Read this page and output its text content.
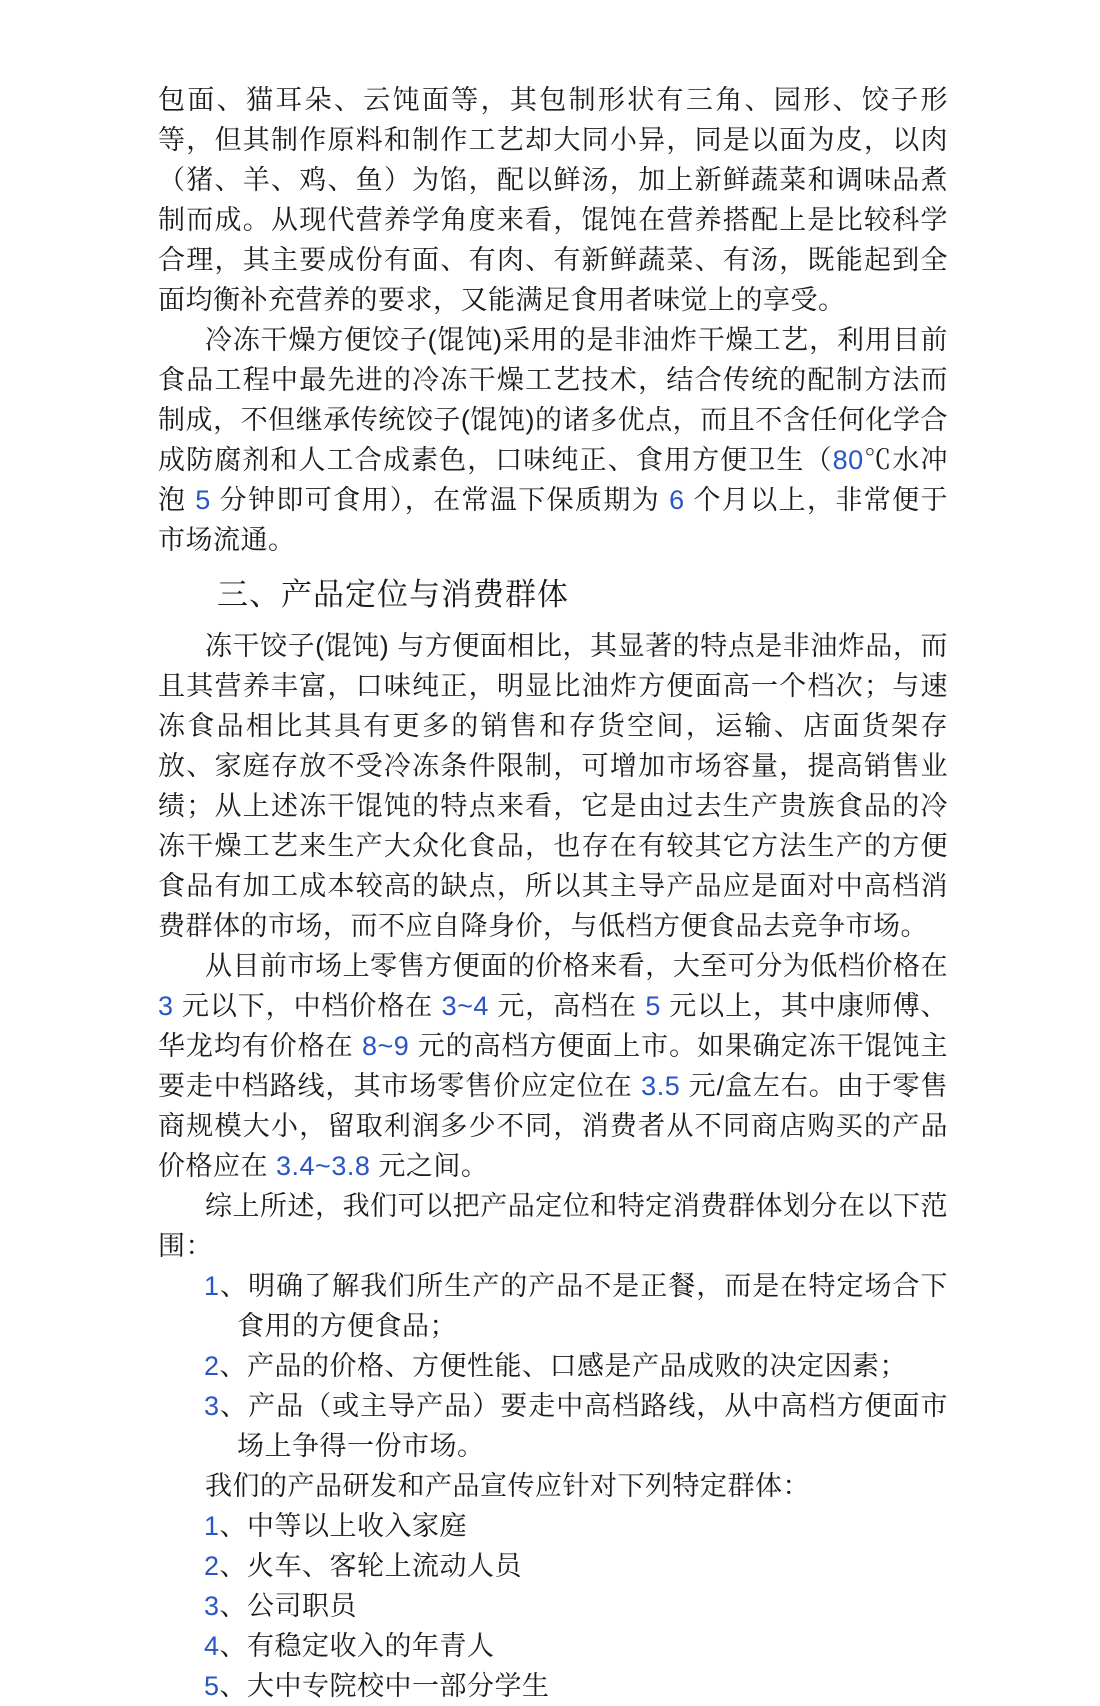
包面、猫耳朵、云饨面等，其包制形状有三角、园形、饺子形等，但其制作原料和制作工艺却大同小异，同是以面为皮，以肉（猪、羊、鸡、鱼）为馅，配以鲜汤，加上新鲜蔬菜和调味品煮制而成。从现代营养学角度来看，馄饨在营养搭配上是比较科学合理，其主要成份有面、有肉、有新鲜蔬菜、有汤，既能起到全面均衡补充营养的要求，又能满足食用者味觉上的享受。

冷冻干燥方便饺子(馄饨)采用的是非油炸干燥工艺，利用目前食品工程中最先进的冷冻干燥工艺技术，结合传统的配制方法而制成，不但继承传统饺子(馄饨)的诸多优点，而且不含任何化学合成防腐剂和人工合成素色，口味纯正、食用方便卫生（80℃水冲泡 5 分钟即可食用），在常温下保质期为 6 个月以上，非常便于市场流通。

三、产品定位与消费群体

冻干饺子(馄饨) 与方便面相比，其显著的特点是非油炸品，而且其营养丰富，口味纯正，明显比油炸方便面高一个档次；与速冻食品相比其具有更多的销售和存货空间，运输、店面货架存放、家庭存放不受冷冻条件限制，可增加市场容量，提高销售业绩；从上述冻干馄饨的特点来看，它是由过去生产贵族食品的冷冻干燥工艺来生产大众化食品，也存在有较其它方法生产的方便食品有加工成本较高的缺点，所以其主导产品应是面对中高档消费群体的市场，而不应自降身价，与低档方便食品去竞争市场。

从目前市场上零售方便面的价格来看，大至可分为低档价格在 3 元以下，中档价格在 3~4 元，高档在 5 元以上，其中康师傅、华龙均有价格在 8~9 元的高档方便面上市。如果确定冻干馄饨主要走中档路线，其市场零售价应定位在 3.5 元/盒左右。由于零售商规模大小，留取利润多少不同，消费者从不同商店购买的产品价格应在 3.4~3.8 元之间。

综上所述，我们可以把产品定位和特定消费群体划分在以下范围：

1、明确了解我们所生产的产品不是正餐，而是在特定场合下食用的方便食品；
2、产品的价格、方便性能、口感是产品成败的决定因素；
3、产品（或主导产品）要走中高档路线，从中高档方便面市场上争得一份市场。

我们的产品研发和产品宣传应针对下列特定群体：

1、中等以上收入家庭
2、火车、客轮上流动人员
3、公司职员
4、有稳定收入的年青人
5、大中专院校中一部分学生
